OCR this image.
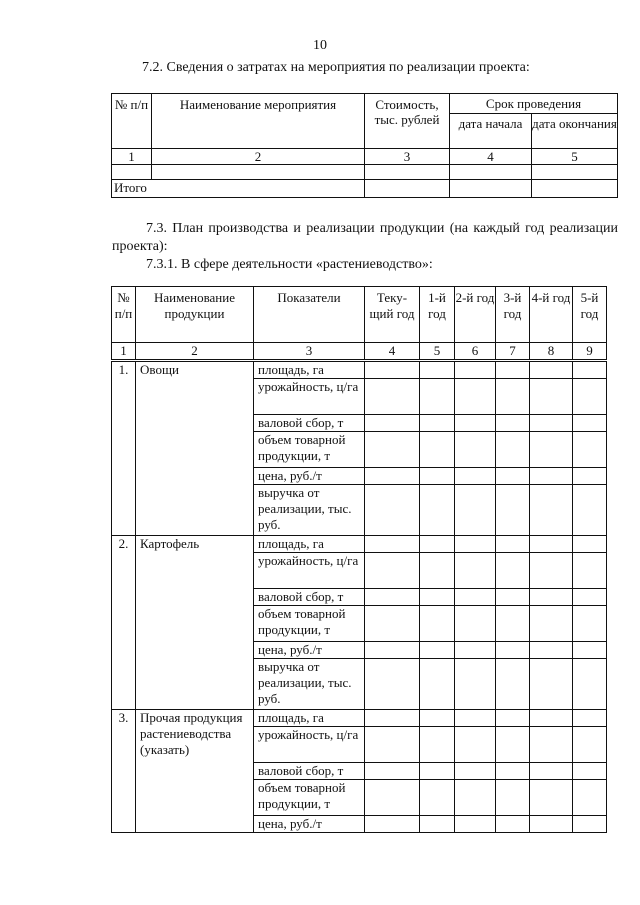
10
7.2. Сведения о затратах на мероприятия по реализации проекта:
№ п/п	Наименование мероприятия	Стоимость, тыс. рублей	Срок проведения	
			дата начала	дата окончания
1	2	3	4	5

Итого				
7.3. План производства и реализации продукции (на каждый год реализации проекта):
7.3.1. В сфере деятельности «растениеводство»:
№ п/п	Наименование продукции	Показатели	Теку-щий год	1-й год	2-й год	3-й год	4-й год	5-й год
1	2	3	4	5	6	7	8	9
1.	Овощи	площадь, га						
		урожайность, ц/га						
		валовой сбор, т						
		объем товарной продукции, т						
		цена, руб./т						
		выручка от реализации, тыс. руб.						
2.	Картофель	площадь, га						
		урожайность, ц/га						
		валовой сбор, т						
		объем товарной продукции, т						
		цена, руб./т						
		выручка от реализации, тыс. руб.						
3.	Прочая продукция растениеводства (указать)	площадь, га						
		урожайность, ц/га						
		валовой сбор, т						
		объем товарной продукции, т						
		цена, руб./т						
